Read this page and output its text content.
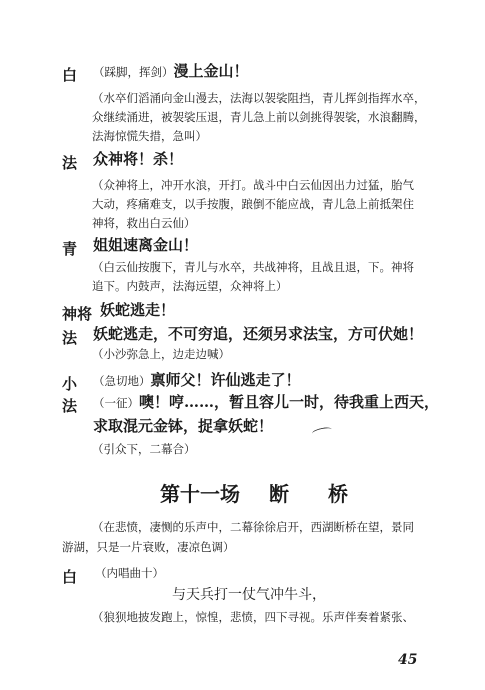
白 （踩脚，挥剑）漫上金山！
（水卒们滔涌向金山漫去，法海以袈裟阻挡，青儿挥剑指挥水卒，
众继续涌进，被袈裟压退，青儿急上前以剑挑得袈裟，水浪翻腾，
法海惊慌失措，急叫）
法 众神将！杀！
（众神将上，冲开水浪，开打。战斗中白云仙因出力过猛，胎气
大动，疼痛难支，以手按腹，踉倒不能应战，青儿急上前抵架住
神将，救出白云仙）
青 姐姐速离金山！
（白云仙按腹下，青儿与水卒，共战神将，且战且退，下。神将
追下。内鼓声，法海远望，众神将上）
神将 妖蛇逃走！
法 妖蛇逃走，不可穷追，还须另求法宝，方可伏她！
（小沙弥急上，边走边喊）
小 （急切地）禀师父！许仙逃走了！
法 （一征）噢！哼……，暂且容儿一时，待我重上西天，
求取混元金钵，捉拿妖蛇！
（引众下，二幕合）
第十一场 断 桥
（在悲愤，凄恻的乐声中，二幕徐徐启开，西湖断桥在望，景同
游湖，只是一片衰败，凄凉色调）
白 （内唱曲十）
与天兵打一仗气冲牛斗，
（狼狈地披发跑上，惊惶，悲愤，四下寻视。乐声伴奏着紧张、
45
